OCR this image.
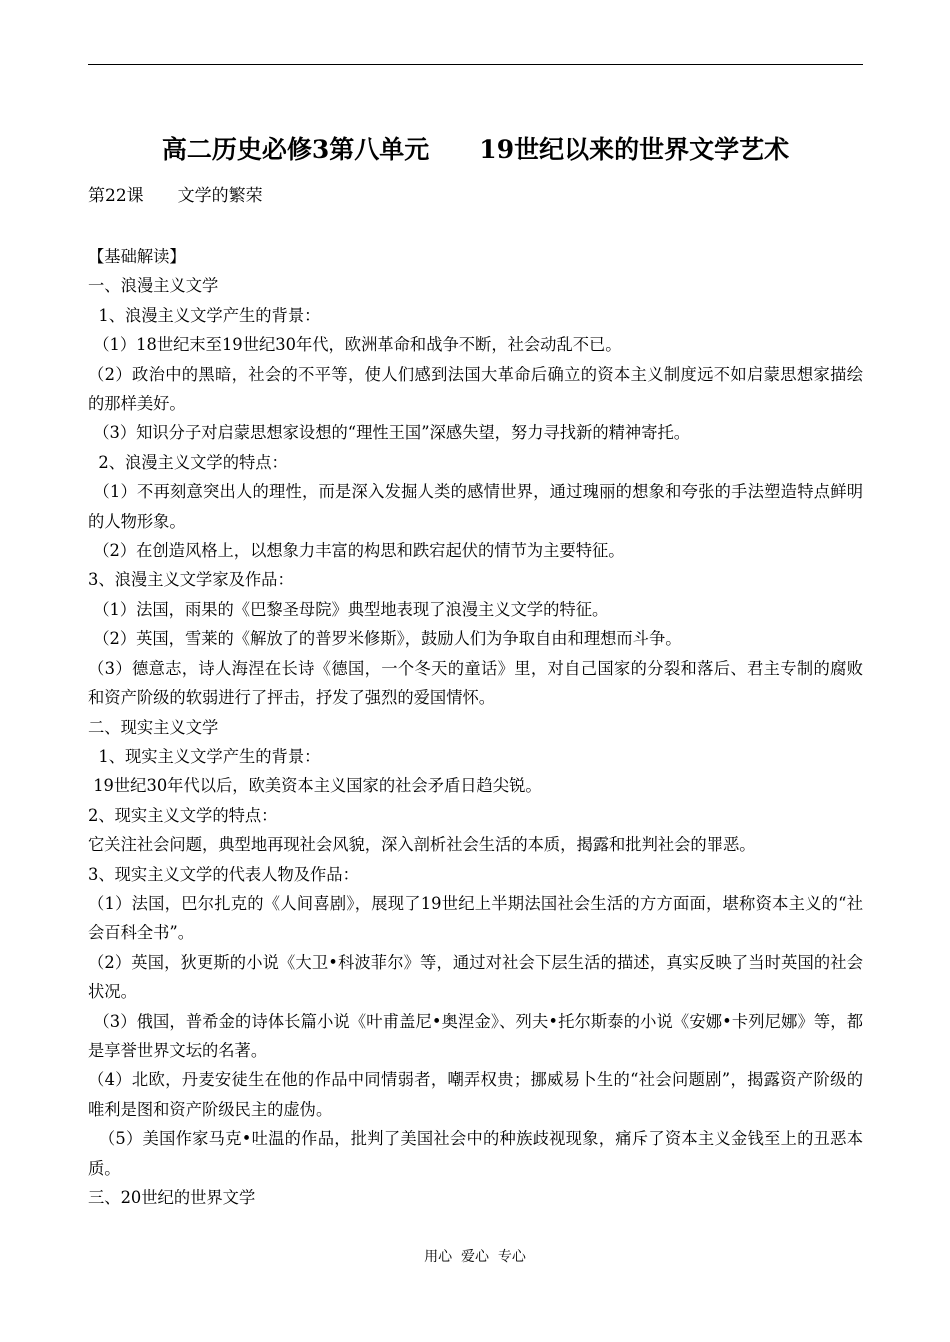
高二历史必修3第八单元　　19世纪以来的世界文学艺术
第22课　　文学的繁荣

【基础解读】

一、浪漫主义文学

1、浪漫主义文学产生的背景：

（1）18世纪末至19世纪30年代，欧洲革命和战争不断，社会动乱不已。

（2）政治中的黑暗，社会的不平等，使人们感到法国大革命后确立的资本主义制度远不如启蒙思想家描绘的那样美好。

（3）知识分子对启蒙思想家设想的“理性王国”深感失望，努力寻找新的精神寄托。

2、浪漫主义文学的特点：

（1）不再刻意突出人的理性，而是深入发掘人类的感情世界，通过瑰丽的想象和夸张的手法塑造特点鲜明的人物形象。

（2）在创造风格上，以想象力丰富的构思和跌宕起伏的情节为主要特征。

3、浪漫主义文学家及作品：

（1）法国，雨果的《巴黎圣母院》典型地表现了浪漫主义文学的特征。

（2）英国，雪莱的《解放了的普罗米修斯》，鼓励人们为争取自由和理想而斗争。

（3）德意志，诗人海涅在长诗《德国，一个冬天的童话》里，对自己国家的分裂和落后、君主专制的腐败和资产阶级的软弱进行了抨击，抒发了强烈的爱国情怀。

二、现实主义文学

1、现实主义文学产生的背景：

19世纪30年代以后，欧美资本主义国家的社会矛盾日趋尖锐。

2、现实主义文学的特点：

它关注社会问题，典型地再现社会风貌，深入剖析社会生活的本质，揭露和批判社会的罪恶。

3、现实主义文学的代表人物及作品：

（1）法国，巴尔扎克的《人间喜剧》，展现了19世纪上半期法国社会生活的方方面面，堪称资本主义的“社会百科全书”。

（2）英国，狄更斯的小说《大卫•科波菲尔》等，通过对社会下层生活的描述，真实反映了当时英国的社会状况。

（3）俄国，普希金的诗体长篇小说《叶甫盖尼•奥涅金》、列夫•托尔斯泰的小说《安娜•卡列尼娜》等，都是享誉世界文坛的名著。

（4）北欧，丹麦安徒生在他的作品中同情弱者，嘲弄权贵；挪威易卜生的“社会问题剧”，揭露资产阶级的唯利是图和资产阶级民主的虚伪。

（5）美国作家马克•吐温的作品，批判了美国社会中的种族歧视现象，痛斥了资本主义金钱至上的丑恶本质。

三、20世纪的世界文学

用心  爱心  专心
